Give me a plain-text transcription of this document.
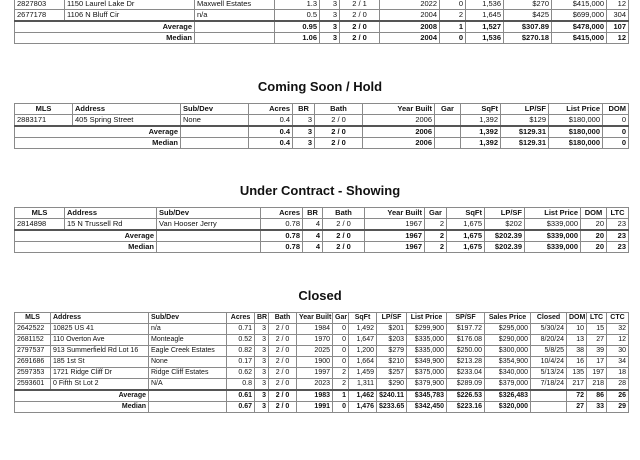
2827803	1150 Laurel Lake Dr	Maxwell Estates	1.3	3	2 / 1	2022	0	1,536	$270	$415,000	12
2677178	1106 N Bluff Cir	n/a	0.5	3	2 / 0	2004	2	1,645	$425	$699,000	304
Average			0.95	3	2 / 0	2008	1	1,527	$307.89	$478,000	107
Median			1.06	3	2 / 0	2004	0	1,536	$270.18	$415,000	12
Coming Soon / Hold
MLS	Address	Sub/Dev	Acres	BR	Bath	Year Built	Gar	SqFt	LP/SF	List Price	DOM
2883171	405 Spring Street	None	0.4	3	2 / 0	2006		1,392	$129	$180,000	0
Average			0.4	3	2 / 0	2006		1,392	$129.31	$180,000	0
Median			0.4	3	2 / 0	2006		1,392	$129.31	$180,000	0
Under Contract - Showing
MLS	Address	Sub/Dev	Acres	BR	Bath	Year Built	Gar	SqFt	LP/SF	List Price	DOM	LTC
2814898	15 N Trussell Rd	Van Hooser Jerry	0.78	4	2 / 0	1967	2	1,675	$202	$339,000	20	23
Average			0.78	4	2 / 0	1967	2	1,675	$202.39	$339,000	20	23
Median			0.78	4	2 / 0	1967	2	1,675	$202.39	$339,000	20	23
Closed
MLS	Address	Sub/Dev	Acres	BR	Bath	Year Built	Gar	SqFt	LP/SF	List Price	SP/SF	Sales Price	Closed	DOM	LTC	CTC
2642522	10825 US 41	n/a	0.71	3	2 / 0	1984	0	1,492	$201	$299,900	$197.72	$295,000	5/30/24	10	15	32
2681152	110 Overton Ave	Monteagle	0.52	3	2 / 0	1970	0	1,647	$203	$335,000	$176.08	$290,000	8/20/24	13	27	12
2797537	913 Summerfield Rd Lot 16	Eagle Creek Estates	0.82	3	2 / 0	2025	0	1,200	$279	$335,000	$250.00	$300,000	5/8/25	38	39	30
2691686	185 1st St	None	0.17	3	2 / 0	1900	0	1,664	$210	$349,900	$213.28	$354,900	10/4/24	16	17	34
2597353	1721 Ridge Cliff Dr	Ridge Cliff Estates	0.62	3	2 / 0	1997	2	1,459	$257	$375,000	$233.04	$340,000	5/13/24	135	197	18
2593601	0 Fifth St Lot 2	N/A	0.8	3	2 / 0	2023	2	1,311	$290	$379,900	$289.09	$379,000	7/18/24	217	218	28
Average			0.61	3	2 / 0	1983	1	1,462	$240.11	$345,783	$226.53	$326,483		72	86	26
Median			0.67	3	2 / 0	1991	0	1,476	$233.65	$342,450	$223.16	$320,000		27	33	29
